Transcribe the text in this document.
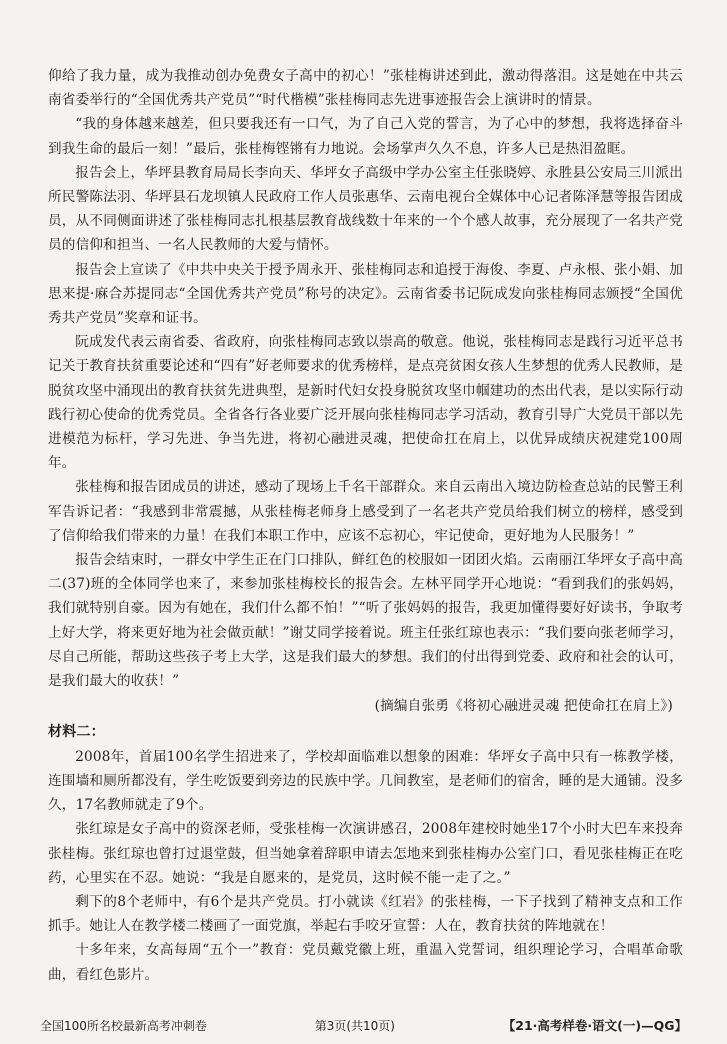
仰给了我力量，成为我推动创办免费女子高中的初心！”张桂梅讲述到此，激动得落泪。这是她在中共云南省委举行的“全国优秀共产党员”“时代楷模”张桂梅同志先进事迹报告会上演讲时的情景。

“我的身体越来越差，但只要我还有一口气，为了自己入党的誓言，为了心中的梦想，我将选择奋斗到我生命的最后一刻！”最后，张桂梅铿锵有力地说。会场掌声久久不息，许多人已是热泪盈眶。

报告会上，华坪县教育局局长李向天、华坪女子高级中学办公室主任张晓婷、永胜县公安局三川派出所民警陈法羽、华坪县石龙坝镇人民政府工作人员张惠华、云南电视台全媒体中心记者陈泽慧等报告团成员，从不同侧面讲述了张桂梅同志扎根基层教育战线数十年来的一个个感人故事，充分展现了一名共产党员的信仰和担当、一名人民教师的大爱与情怀。

报告会上宣读了《中共中央关于授予周永开、张桂梅同志和追授于海俊、李夏、卢永根、张小娟、加思来提·麻合苏提同志“全国优秀共产党员”称号的决定》。云南省委书记阮成发向张桂梅同志颁授“全国优秀共产党员”奖章和证书。

阮成发代表云南省委、省政府，向张桂梅同志致以崇高的敬意。他说，张桂梅同志是践行习近平总书记关于教育扶贫重要论述和“四有”好老师要求的优秀榜样，是点亮贫困女孩人生梦想的优秀人民教师，是脱贫攻坚中涌现出的教育扶贫先进典型，是新时代妇女投身脱贫攻坚巾帼建功的杰出代表，是以实际行动践行初心使命的优秀党员。全省各行各业要广泛开展向张桂梅同志学习活动，教育引导广大党员干部以先进模范为标杆，学习先进、争当先进，将初心融进灵魂，把使命扛在肩上，以优异成绩庆祝建党100周年。

张桂梅和报告团成员的讲述，感动了现场上千名干部群众。来自云南出入境边防检查总站的民警王利军告诉记者：“我感到非常震撼，从张桂梅老师身上感受到了一名老共产党员给我们树立的榜样，感受到了信仰给我们带来的力量！在我们本职工作中，应该不忘初心，牢记使命，更好地为人民服务！”

报告会结束时，一群女中学生正在门口排队，鲜红色的校服如一团团火焰。云南丽江华坪女子高中高二(37)班的全体同学也来了，来参加张桂梅校长的报告会。左林平同学开心地说：“看到我们的张妈妈，我们就特别自豪。因为有她在，我们什么都不怕！”“听了张妈妈的报告，我更加懂得要好好读书，争取考上好大学，将来更好地为社会做贡献！”谢艾同学接着说。班主任张红琼也表示：“我们要向张老师学习，尽自己所能，帮助这些孩子考上大学，这是我们最大的梦想。我们的付出得到党委、政府和社会的认可，是我们最大的收获！”

(摘编自张勇《将初心融进灵魂 把使命扛在肩上》)

材料二：

2008年，首届100名学生招进来了，学校却面临难以想象的困难：华坪女子高中只有一栋教学楼，连围墙和厕所都没有，学生吃饭要到旁边的民族中学。几间教室，是老师们的宿舍，睡的是大通铺。没多久，17名教师就走了9个。

张红琼是女子高中的资深老师，受张桂梅一次演讲感召，2008年建校时她坐17个小时大巴车来投奔张桂梅。张红琼也曾打过退堂鼓，但当她拿着辞职申请去怎地来到张桂梅办公室门口，看见张桂梅正在吃药，心里实在不忍。她说：“我是自愿来的，是党员，这时候不能一走了之。”

剩下的8个老师中，有6个是共产党员。打小就读《红岩》的张桂梅，一下子找到了精神支点和工作抓手。她让人在教学楼二楼画了一面党旗，举起右手咬牙宣誓：人在，教育扶贫的阵地就在！

十多年来，女高每周“五个一”教育：党员戴党徽上班，重温入党誓词，组织理论学习，合唱革命歌曲，看红色影片。

全国100所名校最新高考冲刺卷	第3页(共10页)	【21·高考样卷·语文(一)—QG】
